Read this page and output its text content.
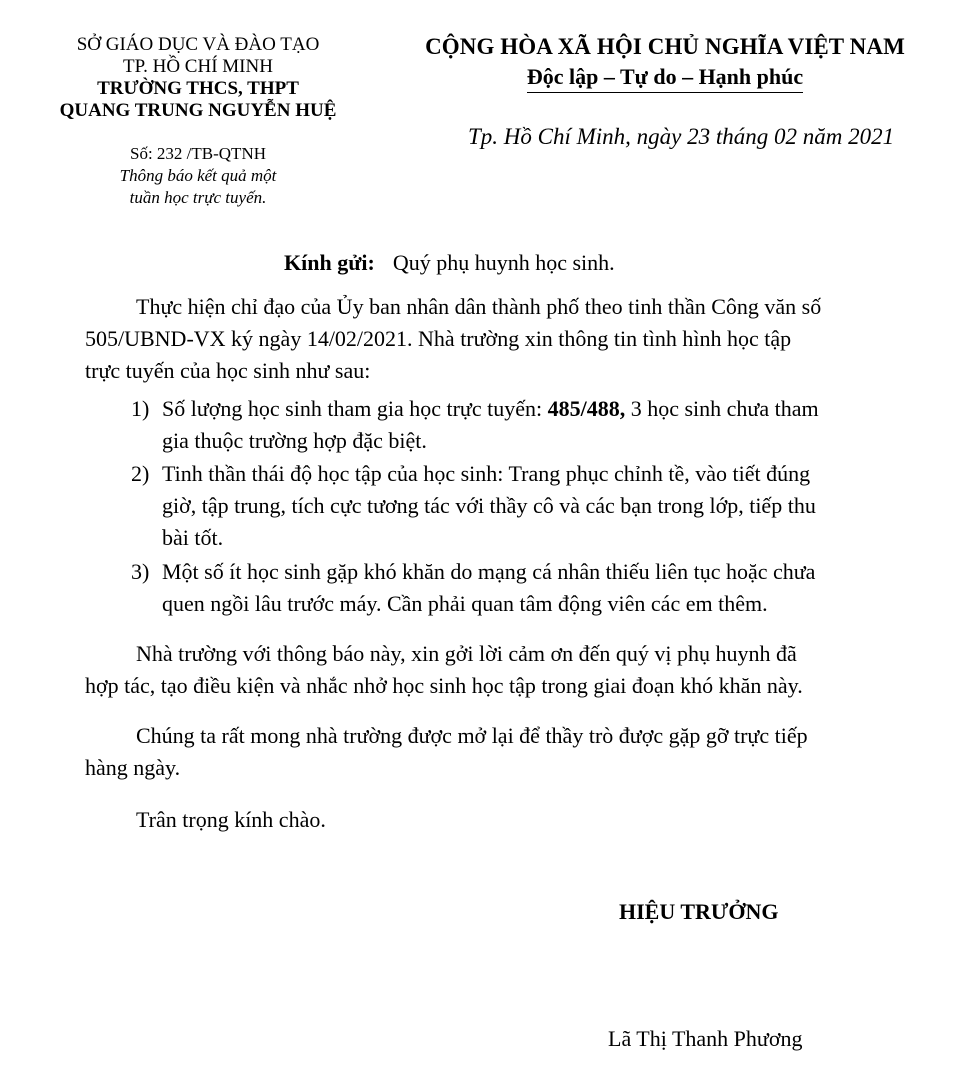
SỞ GIÁO DỤC VÀ ĐÀO TẠO
TP. HỒ CHÍ MINH
TRƯỜNG THCS, THPT
QUANG TRUNG NGUYỄN HUỆ
Số: 232 /TB-QTNH
Thông báo kết quả một
tuần học trực tuyến.
CỘNG HÒA XÃ HỘI CHỦ NGHĨA VIỆT NAM
Độc lập – Tự do – Hạnh phúc
Tp. Hồ Chí Minh, ngày 23 tháng 02 năm 2021
Kính gửi: Quý phụ huynh học sinh.
Thực hiện chỉ đạo của Ủy ban nhân dân thành phố theo tinh thần Công văn số
505/UBND-VX ký ngày 14/02/2021. Nhà trường xin thông tin tình hình học tập
trực tuyến của học sinh như sau:
1) Số lượng học sinh tham gia học trực tuyến: 485/488, 3 học sinh chưa tham
gia thuộc trường hợp đặc biệt.
2) Tinh thần thái độ học tập của học sinh: Trang phục chỉnh tề, vào tiết đúng
giờ, tập trung, tích cực tương tác với thầy cô và các bạn trong lớp, tiếp thu
bài tốt.
3) Một số ít học sinh gặp khó khăn do mạng cá nhân thiếu liên tục hoặc chưa
quen ngồi lâu trước máy. Cần phải quan tâm động viên các em thêm.
Nhà trường với thông báo này, xin gởi lời cảm ơn đến quý vị phụ huynh đã
hợp tác, tạo điều kiện và nhắc nhở học sinh học tập trong giai đoạn khó khăn này.
Chúng ta rất mong nhà trường được mở lại để thầy trò được gặp gỡ trực tiếp
hàng ngày.
Trân trọng kính chào.
HIỆU TRƯỞNG
Lã Thị Thanh Phương
